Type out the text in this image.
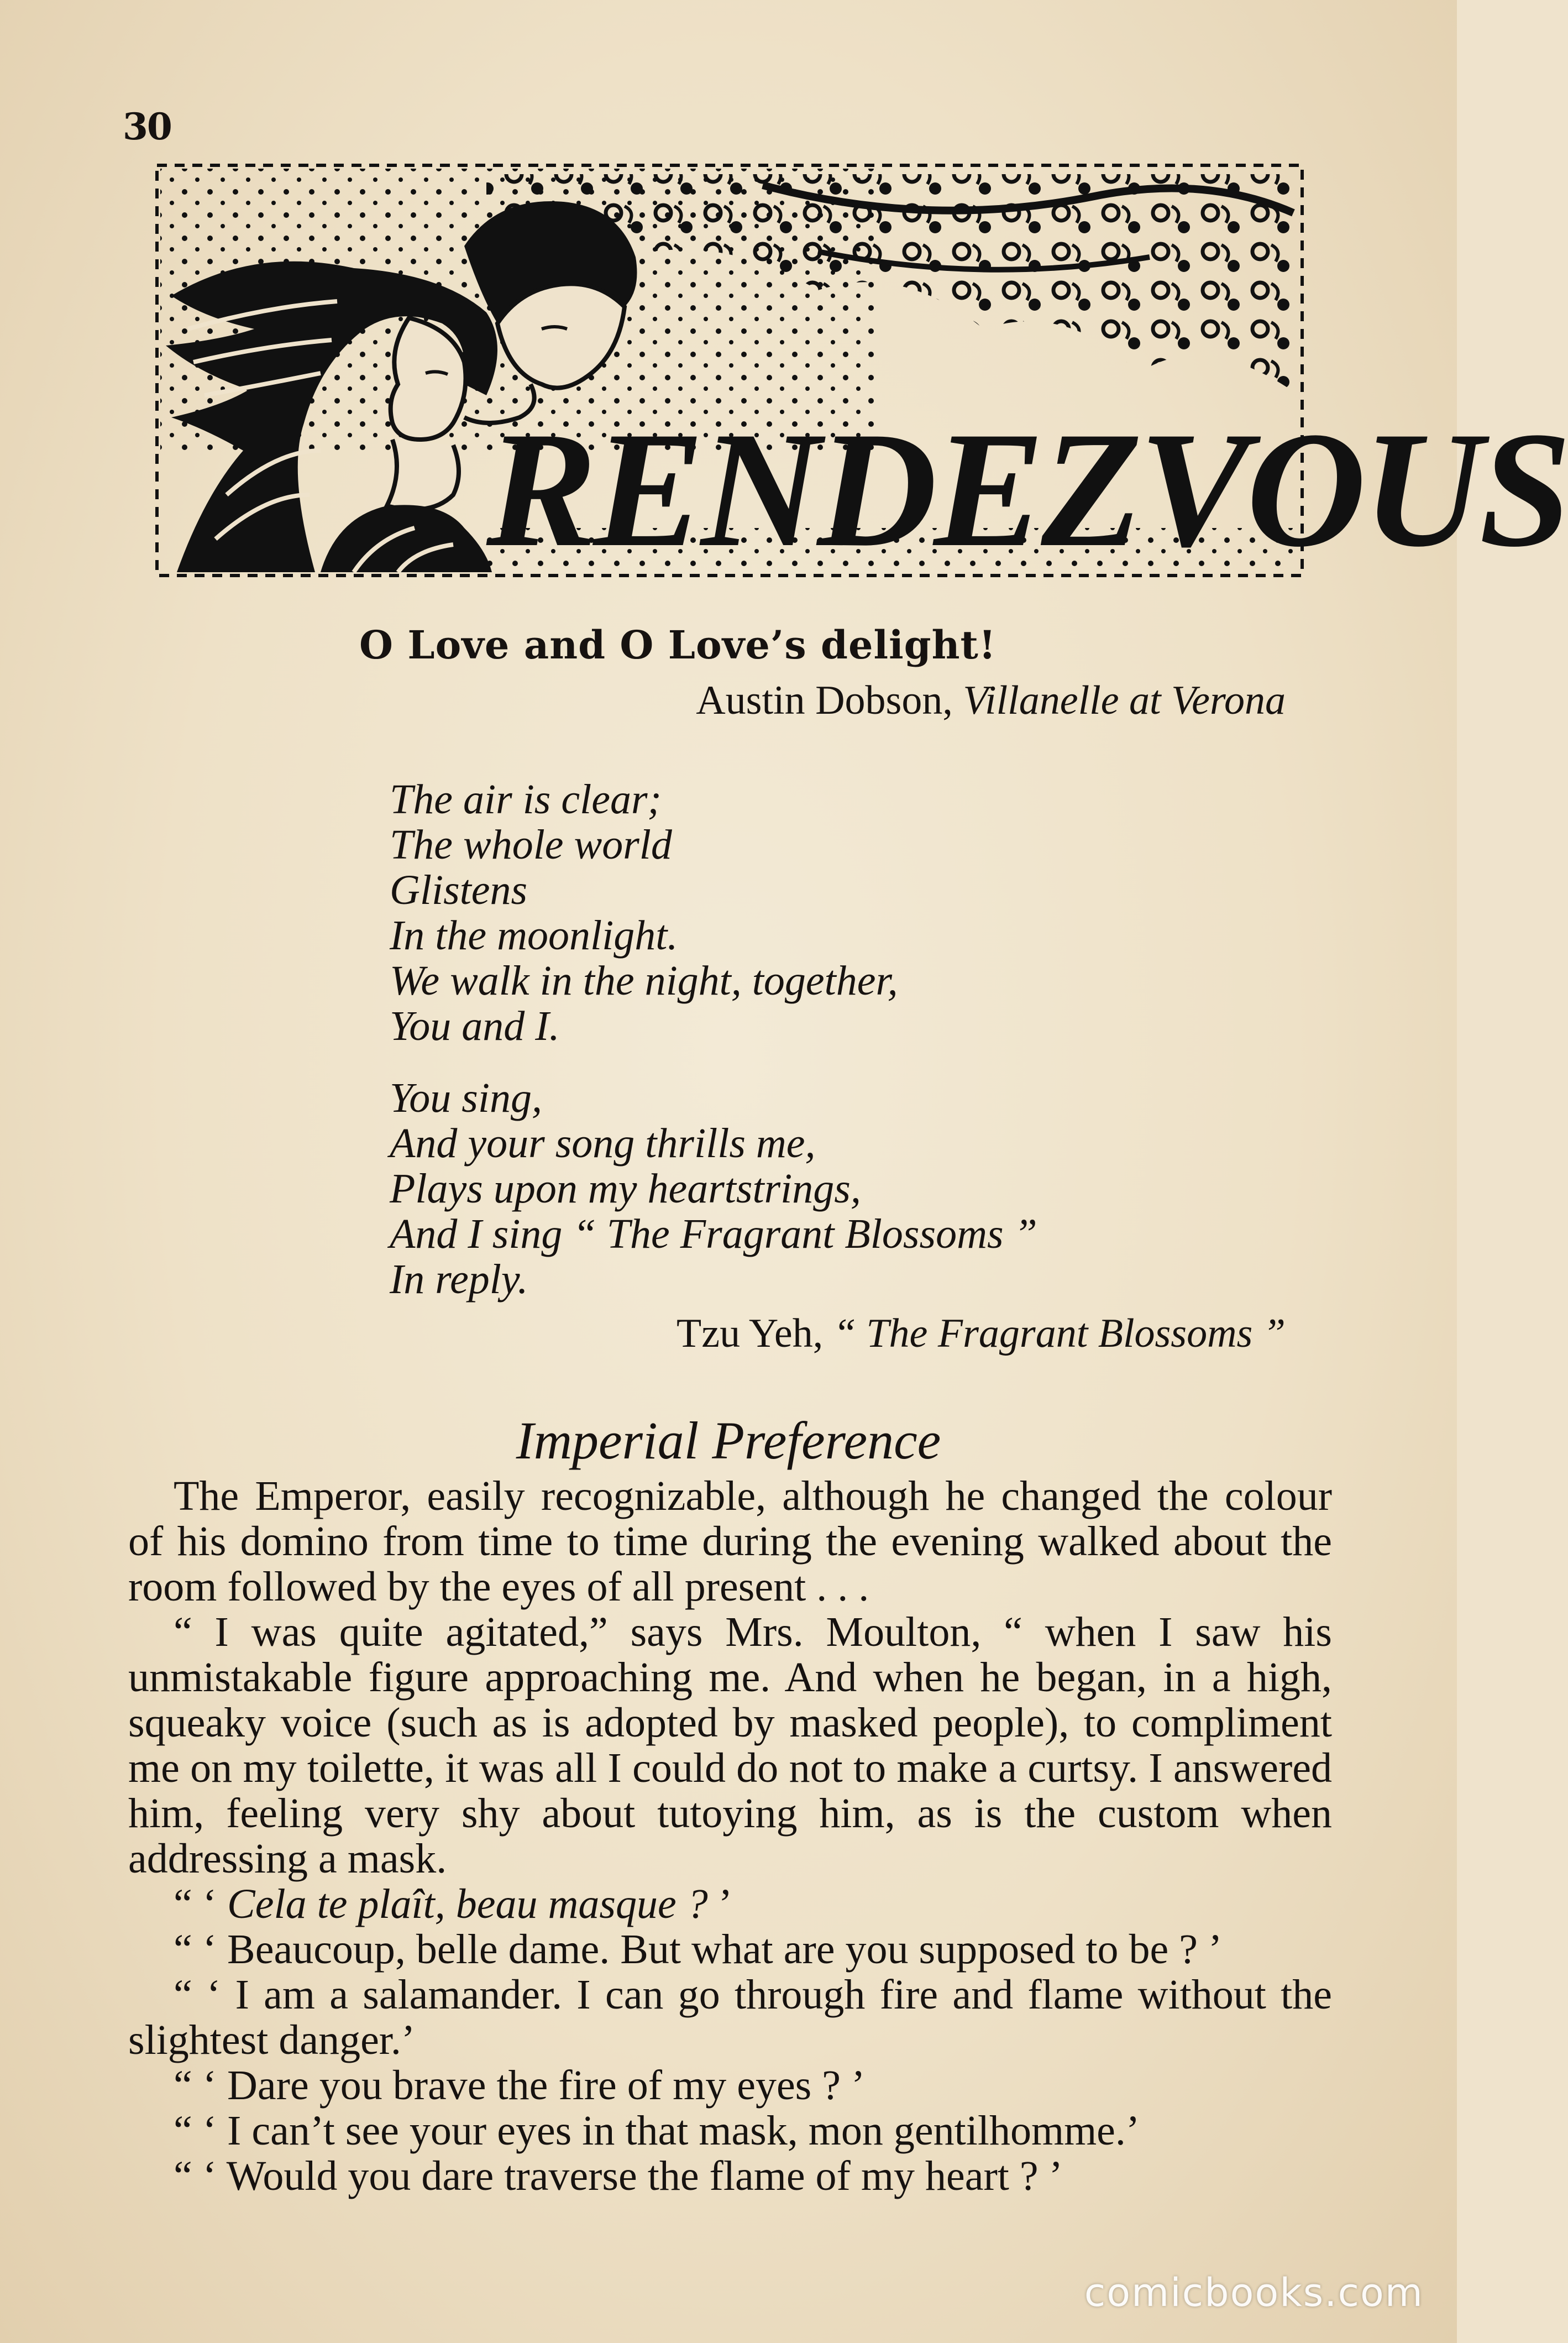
30
RENDEZVOUS
O Love and O Love’s delight!
Austin Dobson, Villanelle at Verona
The air is clear;
The whole world
Glistens
In the moonlight.
We walk in the night, together,
You and I.
You sing,
And your song thrills me,
Plays upon my heartstrings,
And I sing “ The Fragrant Blossoms ”
In reply.
Tzu Yeh, “ The Fragrant Blossoms ”
Imperial Preference

The Emperor, easily recognizable, although he changed the colour of his domino from time to time during the evening walked about the room followed by the eyes of all present . . .

“ I was quite agitated,” says Mrs. Moulton, “ when I saw his unmistakable figure approaching me. And when he began, in a high, squeaky voice (such as is adopted by masked people), to compliment me on my toilette, it was all I could do not to make a curtsy. I answered him, feeling very shy about tutoying him, as is the custom when addressing a mask.

“ ‘ Cela te plaît, beau masque ? ’

“ ‘ Beaucoup, belle dame. But what are you supposed to be ? ’

“ ‘ I am a salamander. I can go through fire and flame without the slightest danger.’

“ ‘ Dare you brave the fire of my eyes ? ’

“ ‘ I can’t see your eyes in that mask, mon gentilhomme.’

“ ‘ Would you dare traverse the flame of my heart ? ’

comicbooks.com
